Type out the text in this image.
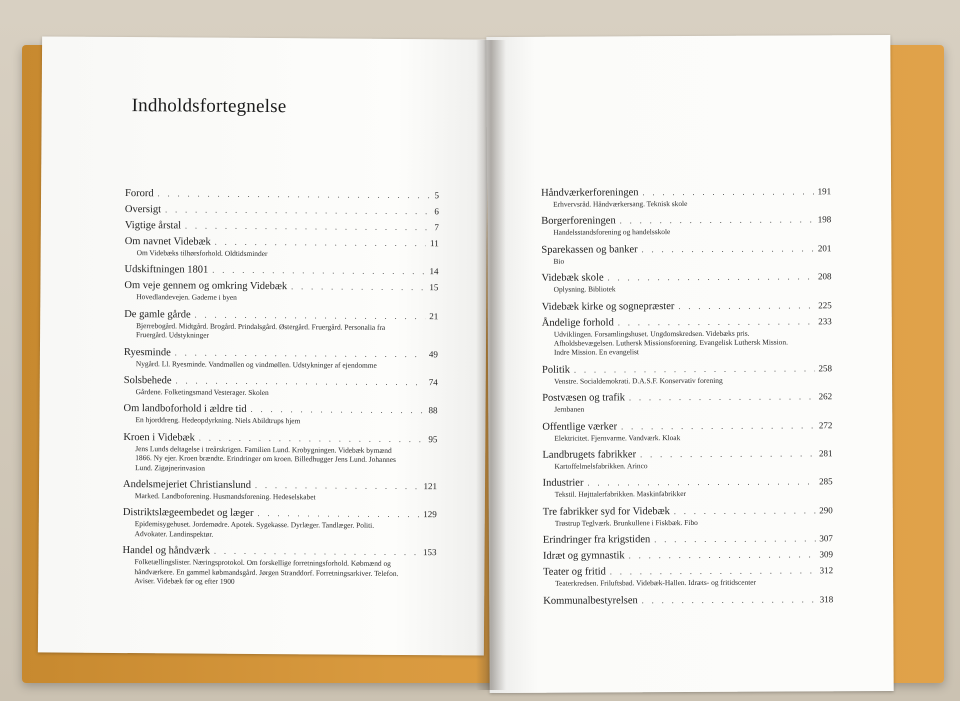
Indholdsfortegnelse
Forord . . .	5
Oversigt . . .	6
Vigtige årstal . . .	7
Om navnet Videbæk . . .	11
Om Videbæks tilhørsforhold. Oldtidsminder
Udskiftningen 1801 . . .	14
Om veje gennem og omkring Videbæk . . .	15
Hovedlandevejen. Gaderne i byen
De gamle gårde . . .	21
Bjerrebogård. Midtgård. Brogård. Prindalsgård. Østergård. Fruergård. Personalia fra Fruergård. Udstykninger
Ryesminde . . .	49
Nygård. Ll. Ryesminde. Vandmøllen og vindmøllen. Udstykninger af ejendomme
Solsbehede . . .	74
Gårdene. Folketingsmand Vesterager. Skolen
Om landboforhold i ældre tid . . .	88
En hjorddreng. Hedeopdyrkning. Niels Abildtrups hjem
Kroen i Videbæk . . .	95
Jens Lunds deltagelse i treårskrigen. Familien Lund. Krobygningen. Videbæk bymænd 1866. Ny ejer. Kroen brændte. Erindringer om kroen. Billedhugger Jens Lund. Johannes Lund. Zigøjnerinvasion
Andelsmejeriet Christianslund . . .	121
Marked. Landboforening. Husmandsforening. Hedeselskabet
Distriktslægeembedet og læger . . .	129
Epidemisygehuset. Jordemødre. Apotek. Sygekasse. Dyrlæger. Tandlæger. Politi. Advokater. Landinspektør.
Handel og håndværk . . .	153
Folketællingslister. Næringsprotokol. Om forskellige forretningsforhold. Købmænd og håndværkere. En gammel købmandsgård. Jørgen Stranddorf. Forretningsarkiver. Telefon. Aviser. Videbæk før og efter 1900
Håndværkerforeningen . . .	191
Erhvervsråd. Håndværkersang. Teknisk skole
Borgerforeningen . . .	198
Handelsstandsforening og handelsskole
Sparekassen og banker . . .	201
Bio
Videbæk skole . . .	208
Oplysning. Bibliotek
Videbæk kirke og sognepræster . . .	225
Åndelige forhold . . .	233
Udviklingen. Forsamlingshuset. Ungdomskredsen. Videbæks pris. Afholdsbevægelsen. Luthersk Missionsforening. Evangelisk Luthersk Mission. Indre Mission. En evangelist
Politik . . .	258
Venstre. Socialdemokrati. D.A.S.F. Konservativ forening
Postvæsen og trafik . . .	262
Jernbanen
Offentlige værker . . .	272
Elektricitet. Fjernvarme. Vandværk. Kloak
Landbrugets fabrikker . . .	281
Kartoffelmelsfabrikken. Arinco
Industrier . . .	285
Tekstil. Højttalerfabrikken. Maskinfabrikker
Tre fabrikker syd for Videbæk . . .	290
Trøstrup Teglværk. Brunkullene i Fiskbæk. Fibo
Erindringer fra krigstiden . . .	307
Idræt og gymnastik . . .	309
Teater og fritid . . .	312
Teaterkredsen. Friluftsbad. Videbæk-Hallen. Idræts- og fritidscenter
Kommunalbestyrelsen . . .	318
